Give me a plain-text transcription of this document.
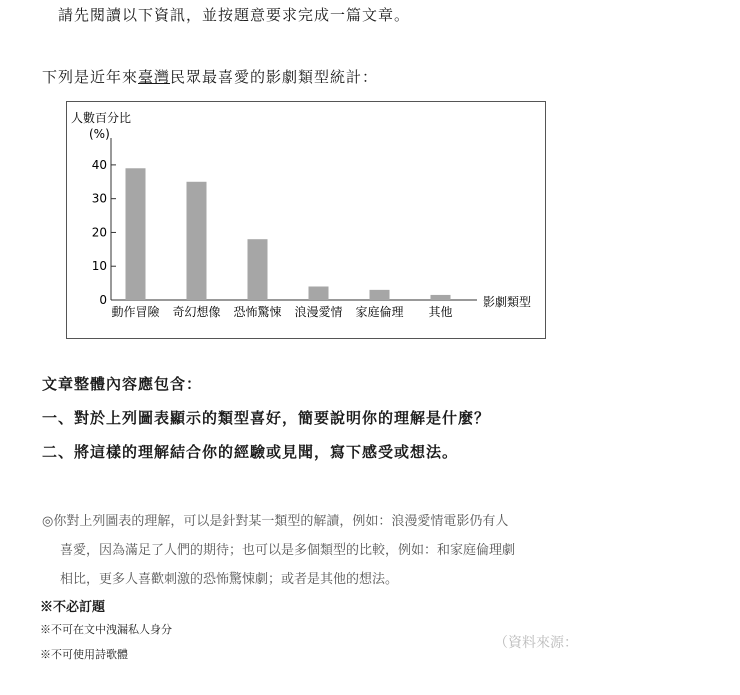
請先閱讀以下資訊，並按題意要求完成一篇文章。
下列是近年來臺灣民眾最喜愛的影劇類型統計：
人數百分比
(%)
影劇類型
0
10
20
30
40
動作冒險 奇幻想像 恐怖驚悚 浪漫愛情 家庭倫理 其他
文章整體內容應包含：
一、對於上列圖表顯示的類型喜好，簡要說明你的理解是什麼？
二、將這樣的理解結合你的經驗或見聞，寫下感受或想法。
◎你對上列圖表的理解，可以是針對某一類型的解讀，例如：浪漫愛情電影仍有人
喜愛，因為滿足了人們的期待；也可以是多個類型的比較，例如：和家庭倫理劇
相比，更多人喜歡刺激的恐怖驚悚劇；或者是其他的想法。
※不必訂題
※不可在文中洩漏私人身分
※不可使用詩歌體
（資料來源：
